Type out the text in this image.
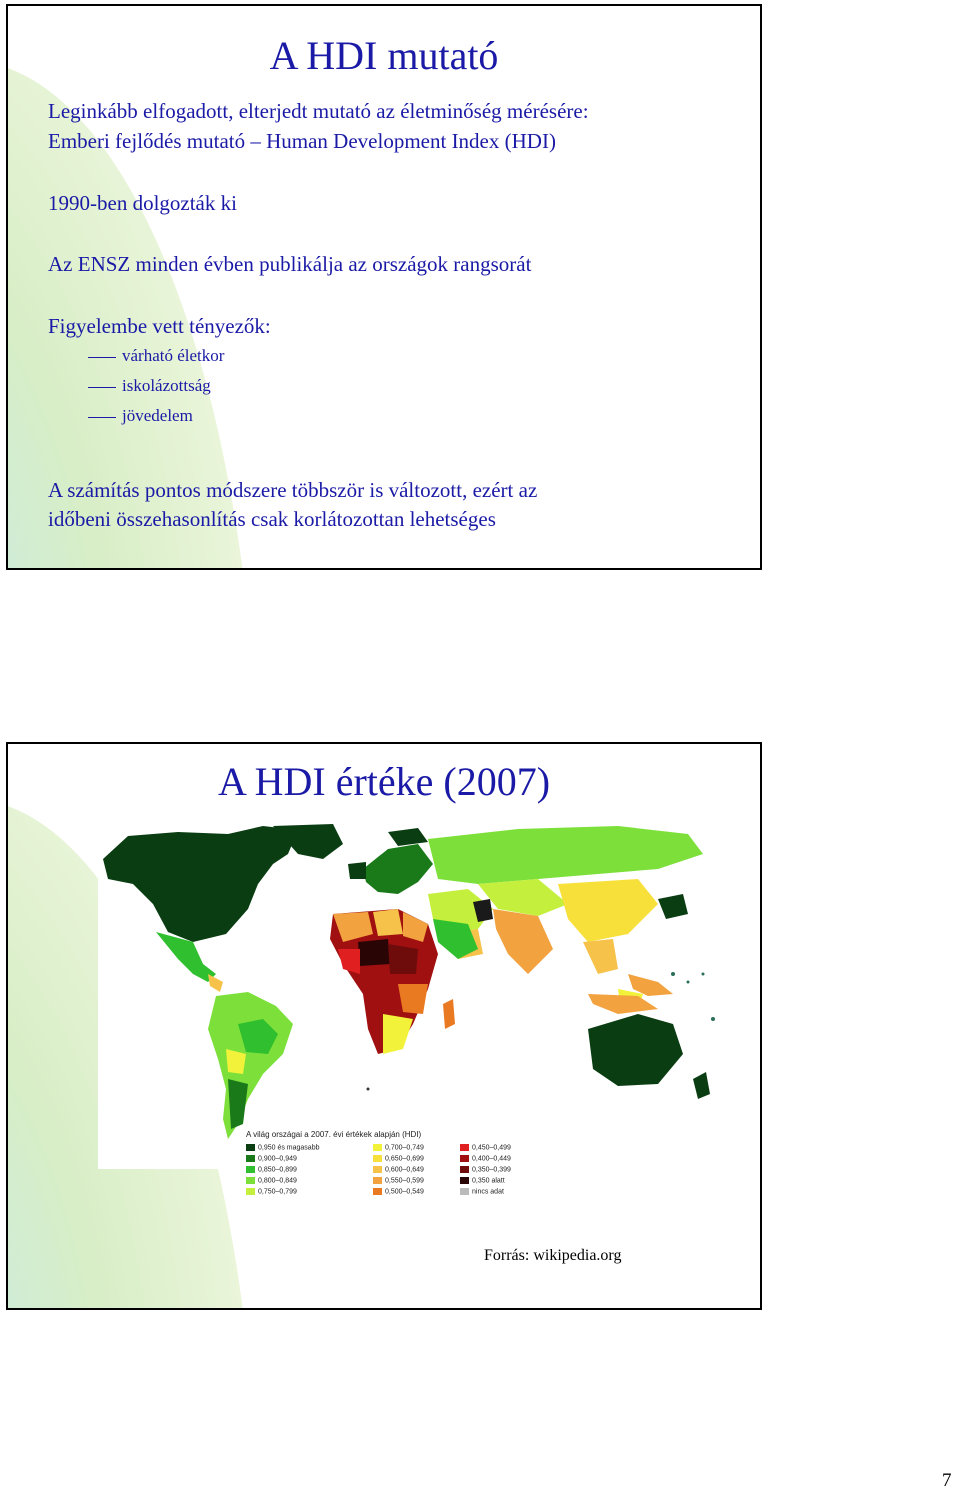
A HDI mutató
Leginkább elfogadott, elterjedt mutató az életminőség mérésére:
Emberi fejlődés mutató – Human Development Index (HDI)
1990-ben dolgozták ki
Az ENSZ minden évben publikálja az országok rangsorát
Figyelembe vett tényezők:
várható életkor
iskolázottság
jövedelem
A számítás pontos módszere többször is változott, ezért az
időbeni összehasonlítás csak korlátozottan lehetséges
A HDI értéke (2007)
A világ országai a 2007. évi értékek alapján (HDI)
0,950 és magasabb
0,900–0,949
0,850–0,899
0,800–0,849
0,750–0,799
0,700–0,749
0,650–0,699
0,600–0,649
0,550–0,599
0,500–0,549
0,450–0,499
0,400–0,449
0,350–0,399
0,350 alatt
nincs adat
Forrás: wikipedia.org
7
